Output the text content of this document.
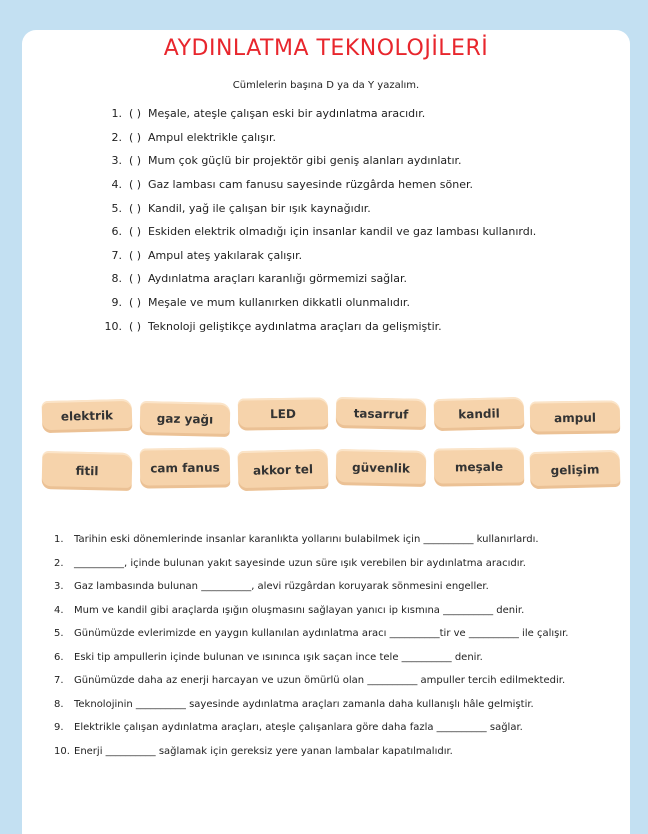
AYDINLATMA TEKNOLOJİLERİ
Cümlelerin başına D ya da Y yazalım.
1. ( ) Meşale, ateşle çalışan eski bir aydınlatma aracıdır.
2. ( ) Ampul elektrikle çalışır.
3. ( ) Mum çok güçlü bir projektör gibi geniş alanları aydınlatır.
4. ( ) Gaz lambası cam fanusu sayesinde rüzgârda hemen söner.
5. ( ) Kandil, yağ ile çalışan bir ışık kaynağıdır.
6. ( ) Eskiden elektrik olmadığı için insanlar kandil ve gaz lambası kullanırdı.
7. ( ) Ampul ateş yakılarak çalışır.
8. ( ) Aydınlatma araçları karanlığı görmemizi sağlar.
9. ( ) Meşale ve mum kullanırken dikkatli olunmalıdır.
10. ( ) Teknoloji geliştikçe aydınlatma araçları da gelişmiştir.
elektrik	gaz yağı	LED	tasarruf	kandil	ampul
fitil	cam fanus	akkor tel	güvenlik	meşale	gelişim
1.	Tarihin eski dönemlerinde insanlar karanlıkta yollarını bulabilmek için __________ kullanırlardı.
2.	__________, içinde bulunan yakıt sayesinde uzun süre ışık verebilen bir aydınlatma aracıdır.
3.	Gaz lambasında bulunan __________, alevi rüzgârdan koruyarak sönmesini engeller.
4.	Mum ve kandil gibi araçlarda ışığın oluşmasını sağlayan yanıcı ip kısmına __________ denir.
5.	Günümüzde evlerimizde en yaygın kullanılan aydınlatma aracı __________tir ve __________ ile çalışır.
6.	Eski tip ampullerin içinde bulunan ve ısınınca ışık saçan ince tele __________ denir.
7.	Günümüzde daha az enerji harcayan ve uzun ömürlü olan __________ ampuller tercih edilmektedir.
8.	Teknolojinin __________ sayesinde aydınlatma araçları zamanla daha kullanışlı hâle gelmiştir.
9.	Elektrikle çalışan aydınlatma araçları, ateşle çalışanlara göre daha fazla __________ sağlar.
10. Enerji __________ sağlamak için gereksiz yere yanan lambalar kapatılmalıdır.
